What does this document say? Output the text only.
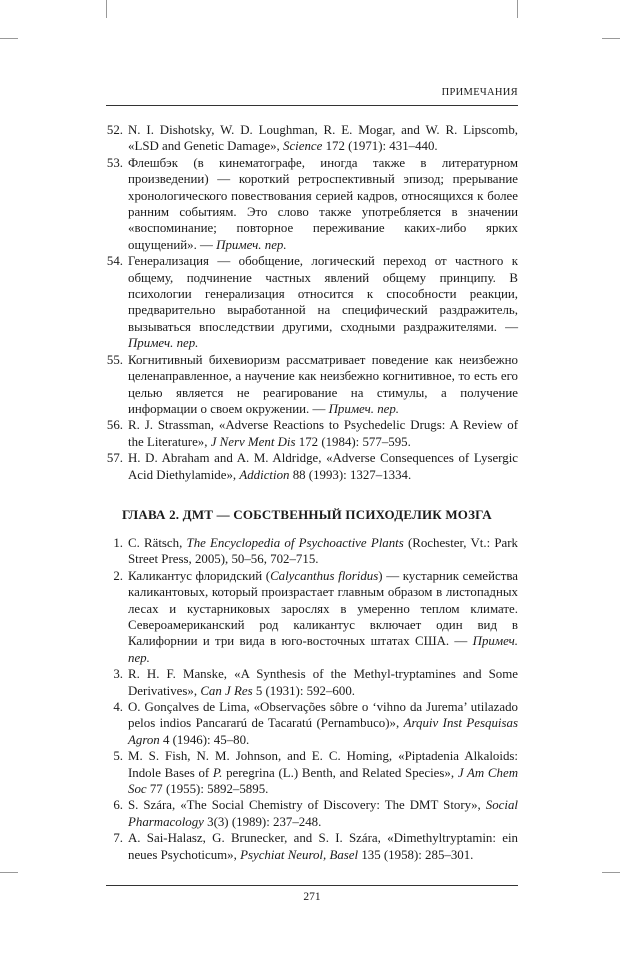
ПРИМЕЧАНИЯ
52. N. I. Dishotsky, W. D. Loughman, R. E. Mogar, and W. R. Lipscomb, «LSD and Genetic Damage», Science 172 (1971): 431–440.
53. Флешбэк (в кинематографе, иногда также в литературном произведении) — короткий ретроспективный эпизод; прерывание хронологического повествования серией кадров, относящихся к более ранним событиям. Это слово также употребляется в значении «воспоминание; повторное переживание каких-либо ярких ощущений». — Примеч. пер.
54. Генерализация — обобщение, логический переход от частного к общему, подчинение частных явлений общему принципу. В психологии генерализация относится к способности реакции, предварительно выработанной на специфический раздражитель, вызываться впоследствии другими, сходными раздражителями. — Примеч. пер.
55. Когнитивный бихевиоризм рассматривает поведение как неизбежно целенаправленное, а научение как неизбежно когнитивное, то есть его целью является не реагирование на стимулы, а получение информации о своем окружении. — Примеч. пер.
56. R. J. Strassman, «Adverse Reactions to Psychedelic Drugs: A Review of the Literature», J Nerv Ment Dis 172 (1984): 577–595.
57. H. D. Abraham and A. M. Aldridge, «Adverse Consequences of Lysergic Acid Diethylamide», Addiction 88 (1993): 1327–1334.
ГЛАВА 2. ДМТ — СОБСТВЕННЫЙ ПСИХОДЕЛИК МОЗГА
1. C. Rätsch, The Encyclopedia of Psychoactive Plants (Rochester, Vt.: Park Street Press, 2005), 50–56, 702–715.
2. Каликантус флоридский (Calycanthus floridus) — кустарник семейства каликантовых, который произрастает главным образом в листопадных лесах и кустарниковых зарослях в умеренно теплом климате. Североамериканский род каликантус включает один вид в Калифорнии и три вида в юго-восточных штатах США. — Примеч. пер.
3. R. H. F. Manske, «A Synthesis of the Methyl-tryptamines and Some Derivatives», Can J Res 5 (1931): 592–600.
4. O. Gonçalves de Lima, «Observações sôbre o ‘vihno da Jurema’ utilazado pelos indios Pancararú de Tacaratú (Pernambuco)», Arquiv Inst Pesquisas Agron 4 (1946): 45–80.
5. M. S. Fish, N. M. Johnson, and E. C. Homing, «Piptadenia Alkaloids: Indole Bases of P. peregrina (L.) Benth, and Related Species», J Am Chem Soc 77 (1955): 5892–5895.
6. S. Szára, «The Social Chemistry of Discovery: The DMT Story», Social Pharmacology 3(3) (1989): 237–248.
7. A. Sai-Halasz, G. Brunecker, and S. I. Szára, «Dimethyltryptamin: ein neues Psychoticum», Psychiat Neurol, Basel 135 (1958): 285–301.
271
